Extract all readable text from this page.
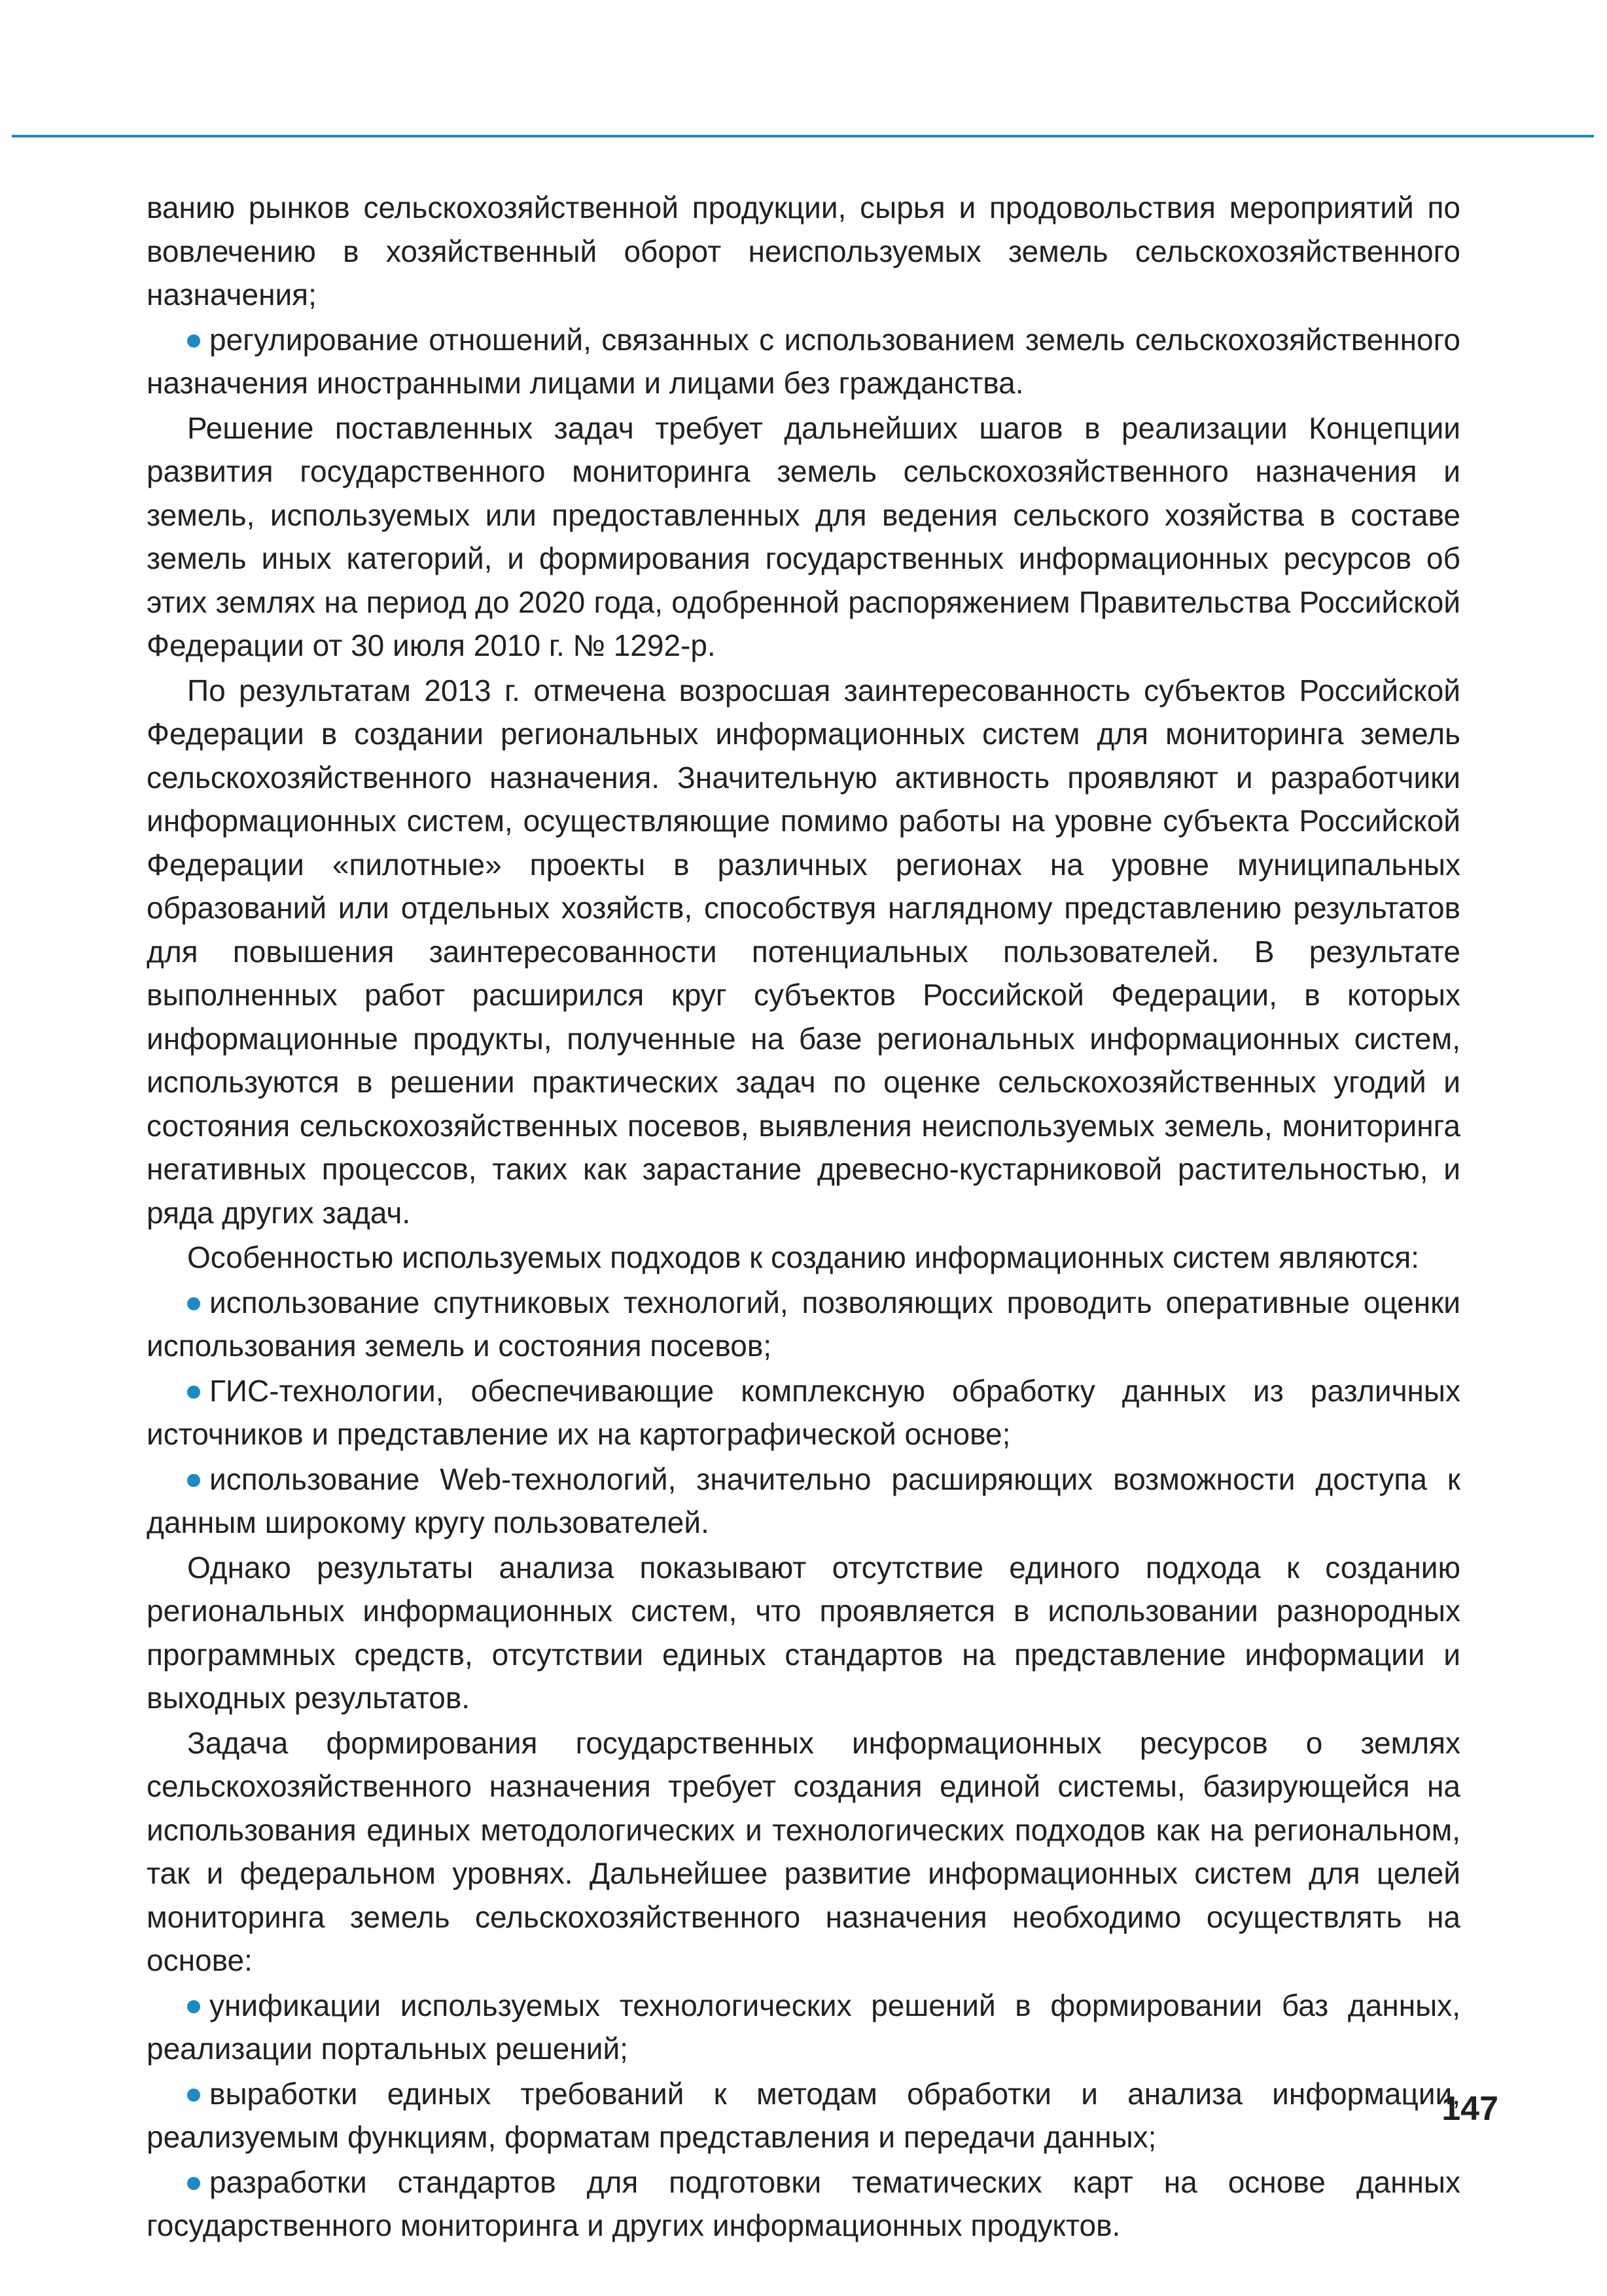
ванию рынков сельскохозяйственной продукции, сырья и продовольствия мероприятий по вовлечению в хозяйственный оборот неиспользуемых земель сельскохозяйственного назначения;

регулирование отношений, связанных с использованием земель сельскохозяйственного назначения иностранными лицами и лицами без гражданства.

Решение поставленных задач требует дальнейших шагов в реализации Концепции развития государственного мониторинга земель сельскохозяйственного назначения и земель, используемых или предоставленных для ведения сельского хозяйства в составе земель иных категорий, и формирования государственных информационных ресурсов об этих землях на период до 2020 года, одобренной распоряжением Правительства Российской Федерации от 30 июля 2010 г. № 1292-р.

По результатам 2013 г. отмечена возросшая заинтересованность субъектов Российской Федерации в создании региональных информационных систем для мониторинга земель сельскохозяйственного назначения. Значительную активность проявляют и разработчики информационных систем, осуществляющие помимо работы на уровне субъекта Российской Федерации «пилотные» проекты в различных регионах на уровне муниципальных образований или отдельных хозяйств, способствуя наглядному представлению результатов для повышения заинтересованности потенциальных пользователей. В результате выполненных работ расширился круг субъектов Российской Федерации, в которых информационные продукты, полученные на базе региональных информационных систем, используются в решении практических задач по оценке сельскохозяйственных угодий и состояния сельскохозяйственных посевов, выявления неиспользуемых земель, мониторинга негативных процессов, таких как зарастание древесно-кустарниковой растительностью, и ряда других задач.

Особенностью используемых подходов к созданию информационных систем являются:

использование спутниковых технологий, позволяющих проводить оперативные оценки использования земель и состояния посевов;

ГИС-технологии, обеспечивающие комплексную обработку данных из различных источников и представление их на картографической основе;

использование Web-технологий, значительно расширяющих возможности доступа к данным широкому кругу пользователей.

Однако результаты анализа показывают отсутствие единого подхода к созданию региональных информационных систем, что проявляется в использовании разнородных программных средств, отсутствии единых стандартов на представление информации и выходных результатов.

Задача формирования государственных информационных ресурсов о землях сельскохозяйственного назначения требует создания единой системы, базирующейся на использования единых методологических и технологических подходов как на региональном, так и федеральном уровнях. Дальнейшее развитие информационных систем для целей мониторинга земель сельскохозяйственного назначения необходимо осуществлять на основе:

унификации используемых технологических решений в формировании баз данных, реализации портальных решений;

выработки единых требований к методам обработки и анализа информации, реализуемым функциям, форматам представления и передачи данных;

разработки стандартов для подготовки тематических карт на основе данных государственного мониторинга и других информационных продуктов.

147
